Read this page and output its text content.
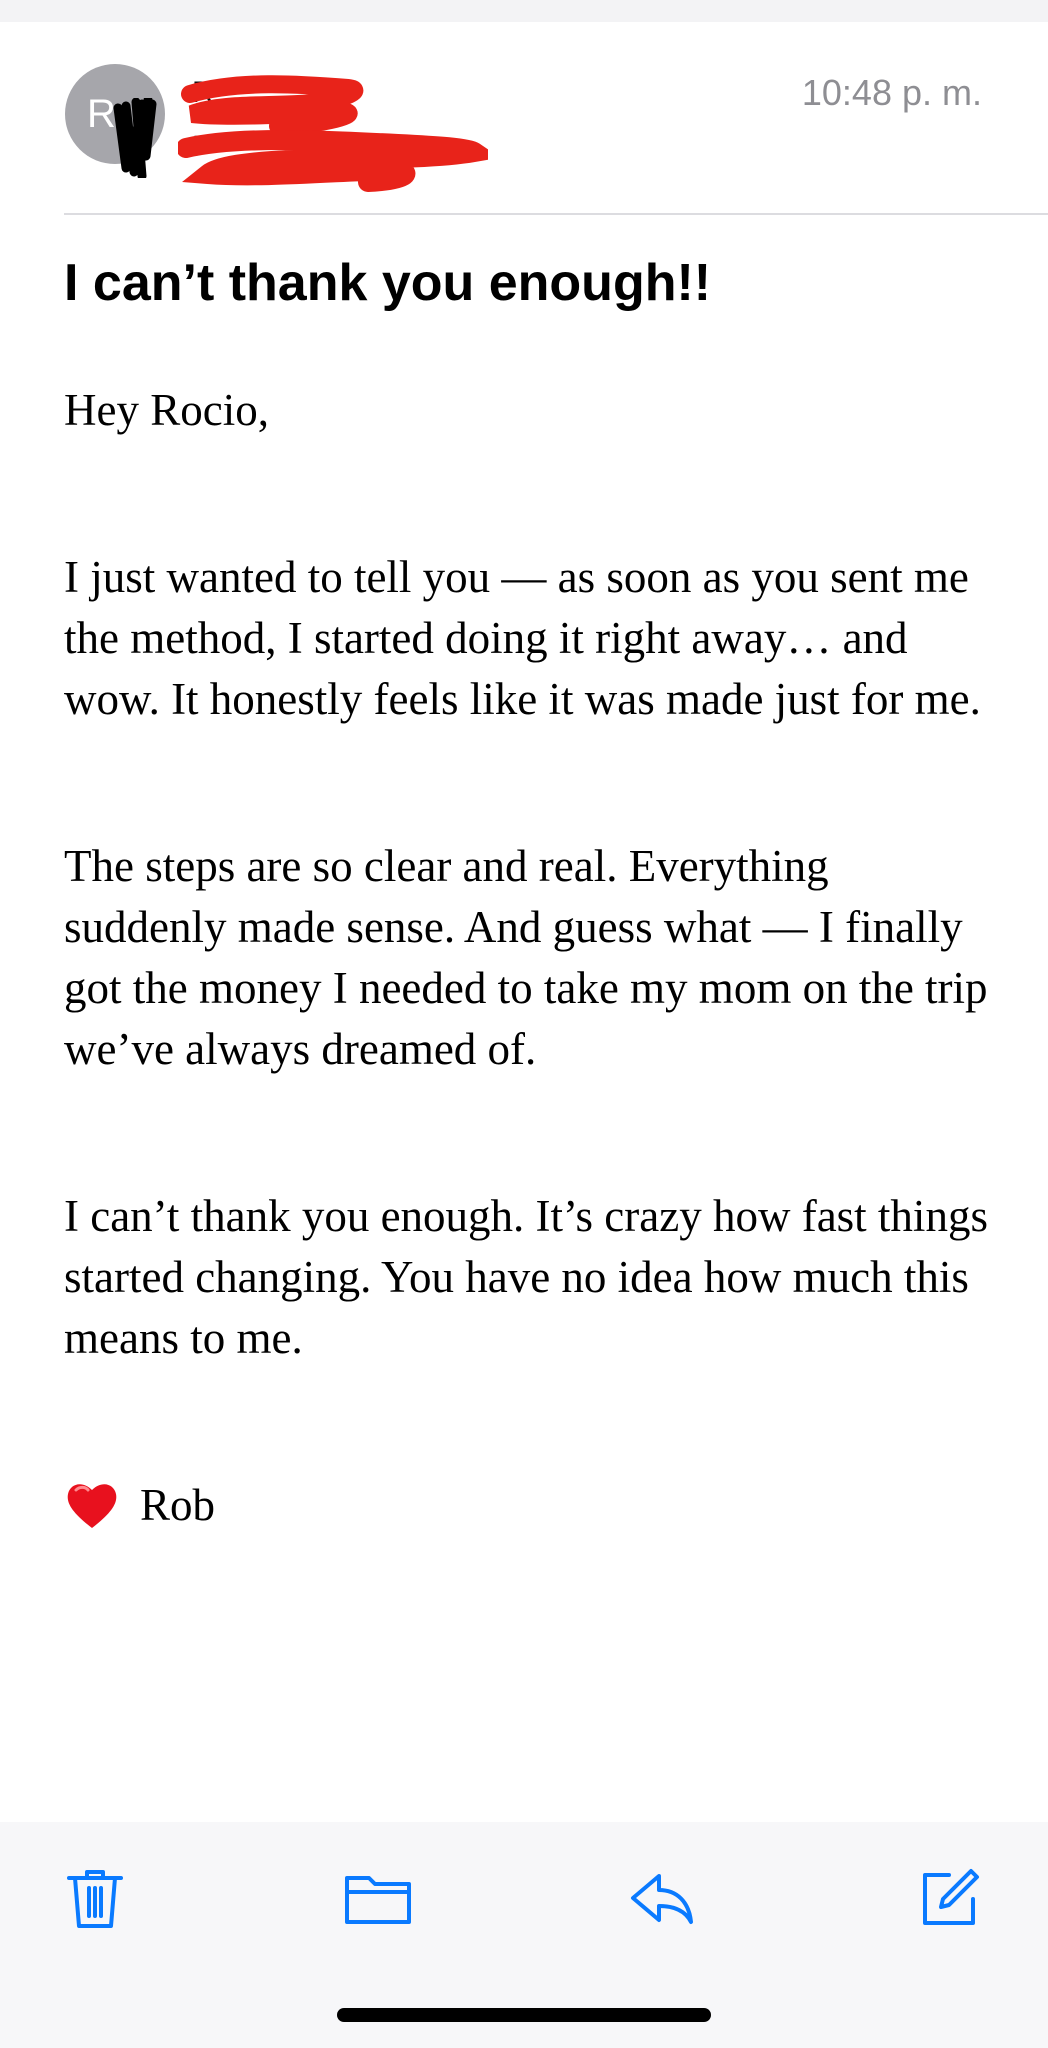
R	R
P
10:48 p. m.
I can’t thank you enough!!

Hey Rocio,

I just wanted to tell you — as soon as you sent me the method, I started doing it right away… and wow. It honestly feels like it was made just for me.

The steps are so clear and real. Everything suddenly made sense. And guess what — I finally got the money I needed to take my mom on the trip we’ve always dreamed of.

I can’t thank you enough. It’s crazy how fast things started changing. You have no idea how much this means to me.

Rob
